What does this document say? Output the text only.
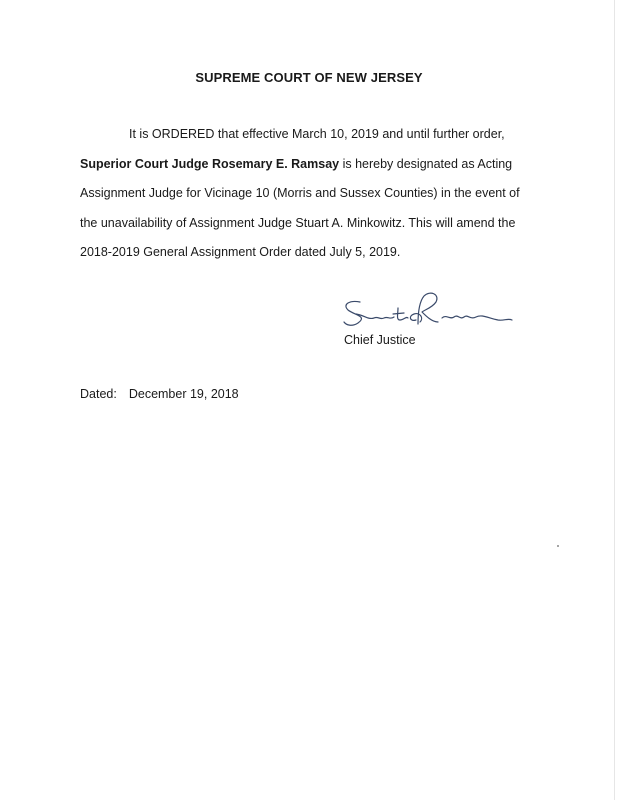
SUPREME COURT OF NEW JERSEY

It is ORDERED that effective March 10, 2019 and until further order,

Superior Court Judge Rosemary E. Ramsay is hereby designated as Acting

Assignment Judge for Vicinage 10 (Morris and Sussex Counties) in the event of

the unavailability of Assignment Judge Stuart A. Minkowitz. This will amend the

2018-2019 General Assignment Order dated July 5, 2019.

Chief Justice
Dated: December 19, 2018
